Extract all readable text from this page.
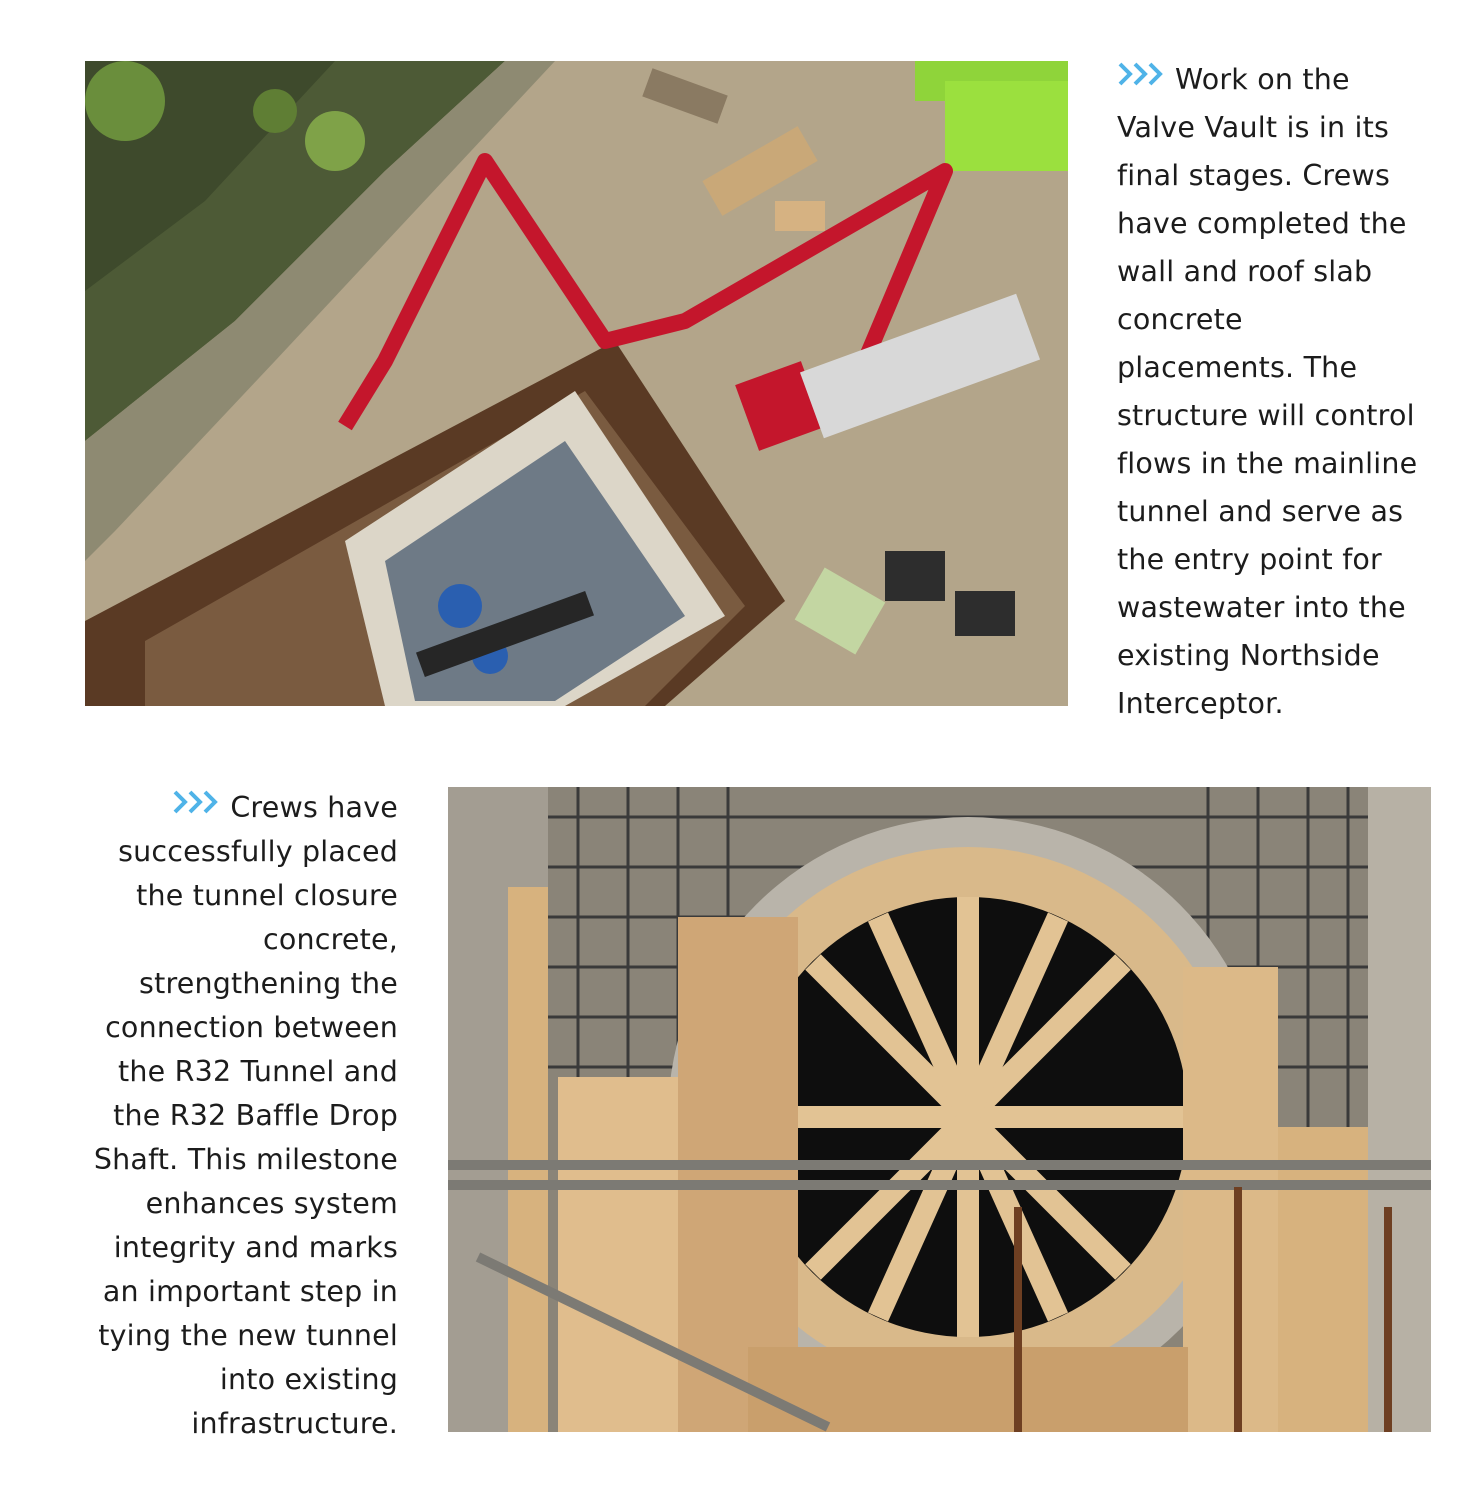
Work on the
Valve Vault is in its
final stages. Crews
have completed the
wall and roof slab
concrete
placements. The
structure will control
flows in the mainline
tunnel and serve as
the entry point for
wastewater into the
existing Northside
Interceptor.
Crews have
successfully placed
the tunnel closure
concrete,
strengthening the
connection between
the R32 Tunnel and
the R32 Baffle Drop
Shaft. This milestone
enhances system
integrity and marks
an important step in
tying the new tunnel
into existing
infrastructure.
